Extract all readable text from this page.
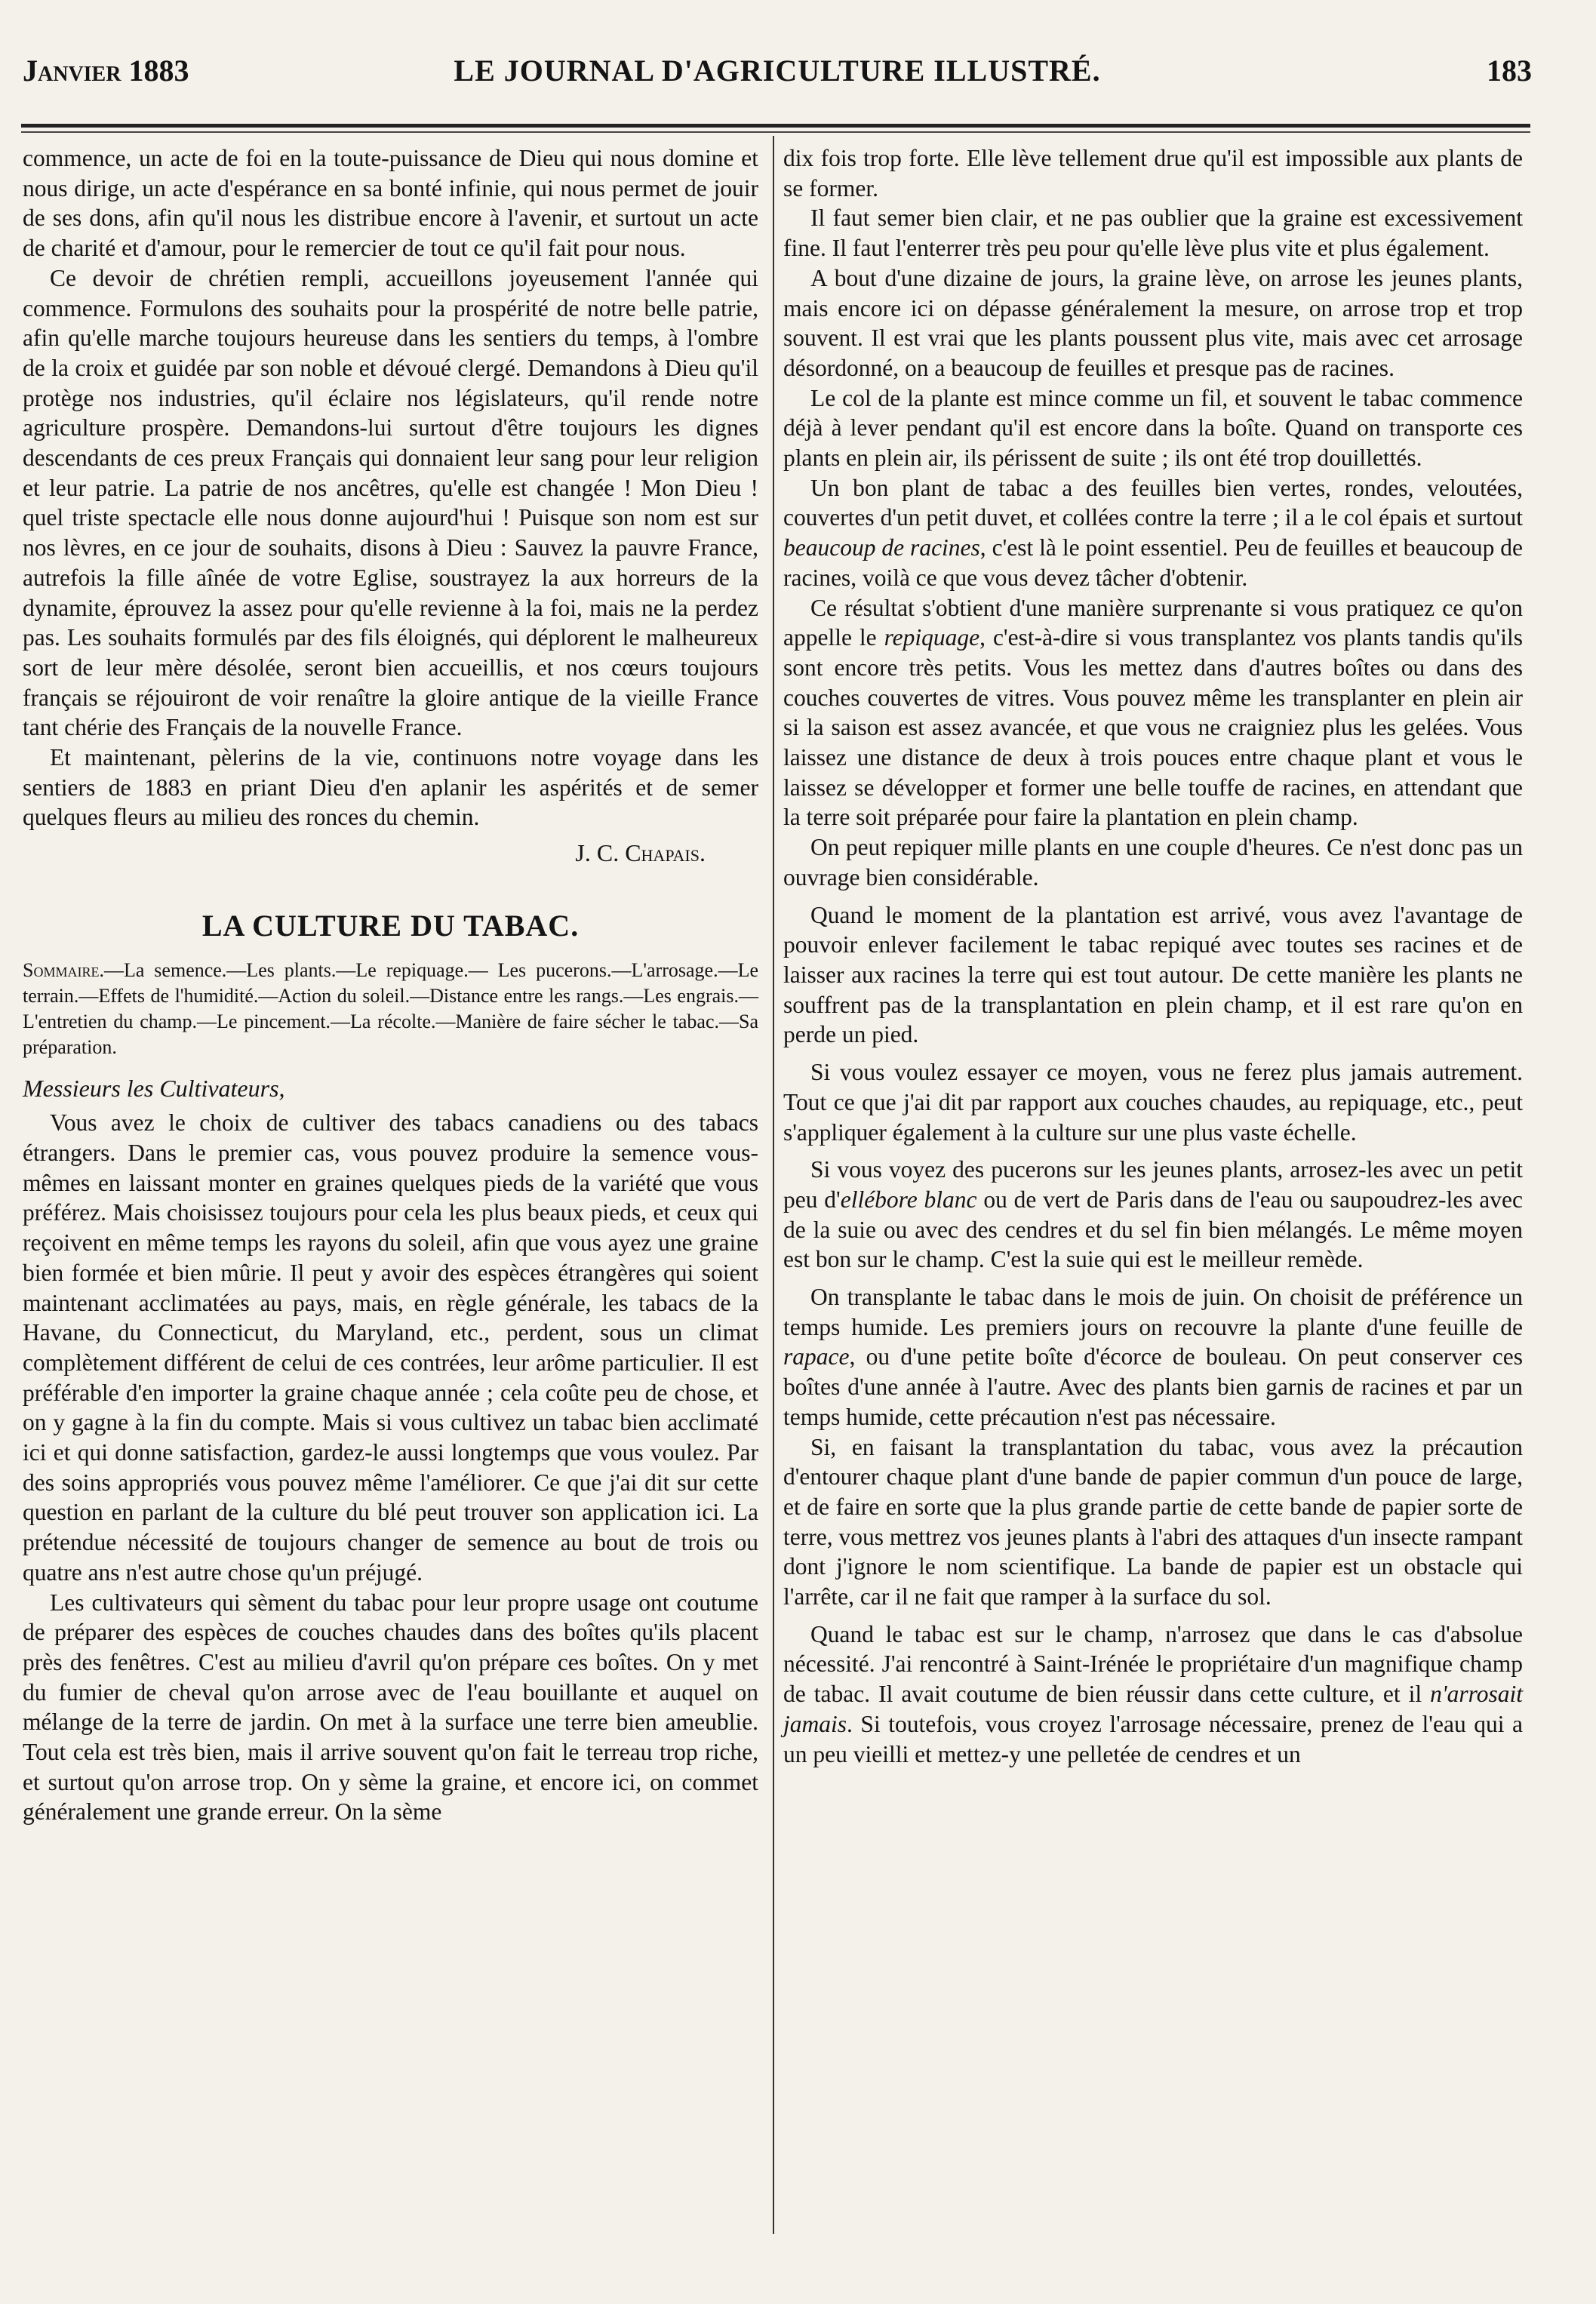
Janvier 1883	LE JOURNAL D'AGRICULTURE ILLUSTRÉ.	183

commence, un acte de foi en la toute-puissance de Dieu qui nous domine et nous dirige, un acte d'espérance en sa bonté infinie, qui nous permet de jouir de ses dons, afin qu'il nous les distribue encore à l'avenir, et surtout un acte de charité et d'amour, pour le remercier de tout ce qu'il fait pour nous.

Ce devoir de chrétien rempli, accueillons joyeusement l'année qui commence. Formulons des souhaits pour la prospérité de notre belle patrie, afin qu'elle marche toujours heureuse dans les sentiers du temps, à l'ombre de la croix et guidée par son noble et dévoué clergé. Demandons à Dieu qu'il protège nos industries, qu'il éclaire nos législateurs, qu'il rende notre agriculture prospère. Demandons-lui surtout d'être toujours les dignes descendants de ces preux Français qui donnaient leur sang pour leur religion et leur patrie. La patrie de nos ancêtres, qu'elle est changée ! Mon Dieu ! quel triste spectacle elle nous donne aujourd'hui ! Puisque son nom est sur nos lèvres, en ce jour de souhaits, disons à Dieu : Sauvez la pauvre France, autrefois la fille aînée de votre Eglise, soustrayez la aux horreurs de la dynamite, éprouvez la assez pour qu'elle revienne à la foi, mais ne la perdez pas. Les souhaits formulés par des fils éloignés, qui déplorent le malheureux sort de leur mère désolée, seront bien accueillis, et nos cœurs toujours français se réjouiront de voir renaître la gloire antique de la vieille France tant chérie des Français de la nouvelle France.

Et maintenant, pèlerins de la vie, continuons notre voyage dans les sentiers de 1883 en priant Dieu d'en aplanir les aspérités et de semer quelques fleurs au milieu des ronces du chemin.

J. C. Chapais.
LA CULTURE DU TABAC.
Sommaire.—La semence.—Les plants.—Le repiquage.— Les pucerons.—L'arrosage.—Le terrain.—Effets de l'humidité.—Action du soleil.—Distance entre les rangs.—Les engrais.—L'entretien du champ.—Le pincement.—La récolte.—Manière de faire sécher le tabac.—Sa préparation.
Messieurs les Cultivateurs,

Vous avez le choix de cultiver des tabacs canadiens ou des tabacs étrangers. Dans le premier cas, vous pouvez produire la semence vous-mêmes en laissant monter en graines quelques pieds de la variété que vous préférez. Mais choisissez toujours pour cela les plus beaux pieds, et ceux qui reçoivent en même temps les rayons du soleil, afin que vous ayez une graine bien formée et bien mûrie. Il peut y avoir des espèces étrangères qui soient maintenant acclimatées au pays, mais, en règle générale, les tabacs de la Havane, du Connecticut, du Maryland, etc., perdent, sous un climat complètement différent de celui de ces contrées, leur arôme particulier. Il est préférable d'en importer la graine chaque année ; cela coûte peu de chose, et on y gagne à la fin du compte. Mais si vous cultivez un tabac bien acclimaté ici et qui donne satisfaction, gardez-le aussi longtemps que vous voulez. Par des soins appropriés vous pouvez même l'améliorer. Ce que j'ai dit sur cette question en parlant de la culture du blé peut trouver son application ici. La prétendue nécessité de toujours changer de semence au bout de trois ou quatre ans n'est autre chose qu'un préjugé.

Les cultivateurs qui sèment du tabac pour leur propre usage ont coutume de préparer des espèces de couches chaudes dans des boîtes qu'ils placent près des fenêtres. C'est au milieu d'avril qu'on prépare ces boîtes. On y met du fumier de cheval qu'on arrose avec de l'eau bouillante et auquel on mélange de la terre de jardin. On met à la surface une terre bien ameublie. Tout cela est très bien, mais il arrive souvent qu'on fait le terreau trop riche, et surtout qu'on arrose trop. On y sème la graine, et encore ici, on commet généralement une grande erreur. On la sème

dix fois trop forte. Elle lève tellement drue qu'il est impossible aux plants de se former.

Il faut semer bien clair, et ne pas oublier que la graine est excessivement fine. Il faut l'enterrer très peu pour qu'elle lève plus vite et plus également.

A bout d'une dizaine de jours, la graine lève, on arrose les jeunes plants, mais encore ici on dépasse généralement la mesure, on arrose trop et trop souvent. Il est vrai que les plants poussent plus vite, mais avec cet arrosage désordonné, on a beaucoup de feuilles et presque pas de racines.

Le col de la plante est mince comme un fil, et souvent le tabac commence déjà à lever pendant qu'il est encore dans la boîte. Quand on transporte ces plants en plein air, ils périssent de suite ; ils ont été trop douillettés.

Un bon plant de tabac a des feuilles bien vertes, rondes, veloutées, couvertes d'un petit duvet, et collées contre la terre ; il a le col épais et surtout beaucoup de racines, c'est là le point essentiel. Peu de feuilles et beaucoup de racines, voilà ce que vous devez tâcher d'obtenir.

Ce résultat s'obtient d'une manière surprenante si vous pratiquez ce qu'on appelle le repiquage, c'est-à-dire si vous transplantez vos plants tandis qu'ils sont encore très petits. Vous les mettez dans d'autres boîtes ou dans des couches couvertes de vitres. Vous pouvez même les transplanter en plein air si la saison est assez avancée, et que vous ne craigniez plus les gelées. Vous laissez une distance de deux à trois pouces entre chaque plant et vous le laissez se développer et former une belle touffe de racines, en attendant que la terre soit préparée pour faire la plantation en plein champ.

On peut repiquer mille plants en une couple d'heures. Ce n'est donc pas un ouvrage bien considérable.

Quand le moment de la plantation est arrivé, vous avez l'avantage de pouvoir enlever facilement le tabac repiqué avec toutes ses racines et de laisser aux racines la terre qui est tout autour. De cette manière les plants ne souffrent pas de la transplantation en plein champ, et il est rare qu'on en perde un pied.

Si vous voulez essayer ce moyen, vous ne ferez plus jamais autrement. Tout ce que j'ai dit par rapport aux couches chaudes, au repiquage, etc., peut s'appliquer également à la culture sur une plus vaste échelle.

Si vous voyez des pucerons sur les jeunes plants, arrosez-les avec un petit peu d'ellébore blanc ou de vert de Paris dans de l'eau ou saupoudrez-les avec de la suie ou avec des cendres et du sel fin bien mélangés. Le même moyen est bon sur le champ. C'est la suie qui est le meilleur remède.

On transplante le tabac dans le mois de juin. On choisit de préférence un temps humide. Les premiers jours on recouvre la plante d'une feuille de rapace, ou d'une petite boîte d'écorce de bouleau. On peut conserver ces boîtes d'une année à l'autre. Avec des plants bien garnis de racines et par un temps humide, cette précaution n'est pas nécessaire.

Si, en faisant la transplantation du tabac, vous avez la précaution d'entourer chaque plant d'une bande de papier commun d'un pouce de large, et de faire en sorte que la plus grande partie de cette bande de papier sorte de terre, vous mettrez vos jeunes plants à l'abri des attaques d'un insecte rampant dont j'ignore le nom scientifique. La bande de papier est un obstacle qui l'arrête, car il ne fait que ramper à la surface du sol.

Quand le tabac est sur le champ, n'arrosez que dans le cas d'absolue nécessité. J'ai rencontré à Saint-Irénée le propriétaire d'un magnifique champ de tabac. Il avait coutume de bien réussir dans cette culture, et il n'arrosait jamais. Si toutefois, vous croyez l'arrosage nécessaire, prenez de l'eau qui a un peu vieilli et mettez-y une pelletée de cendres et un
